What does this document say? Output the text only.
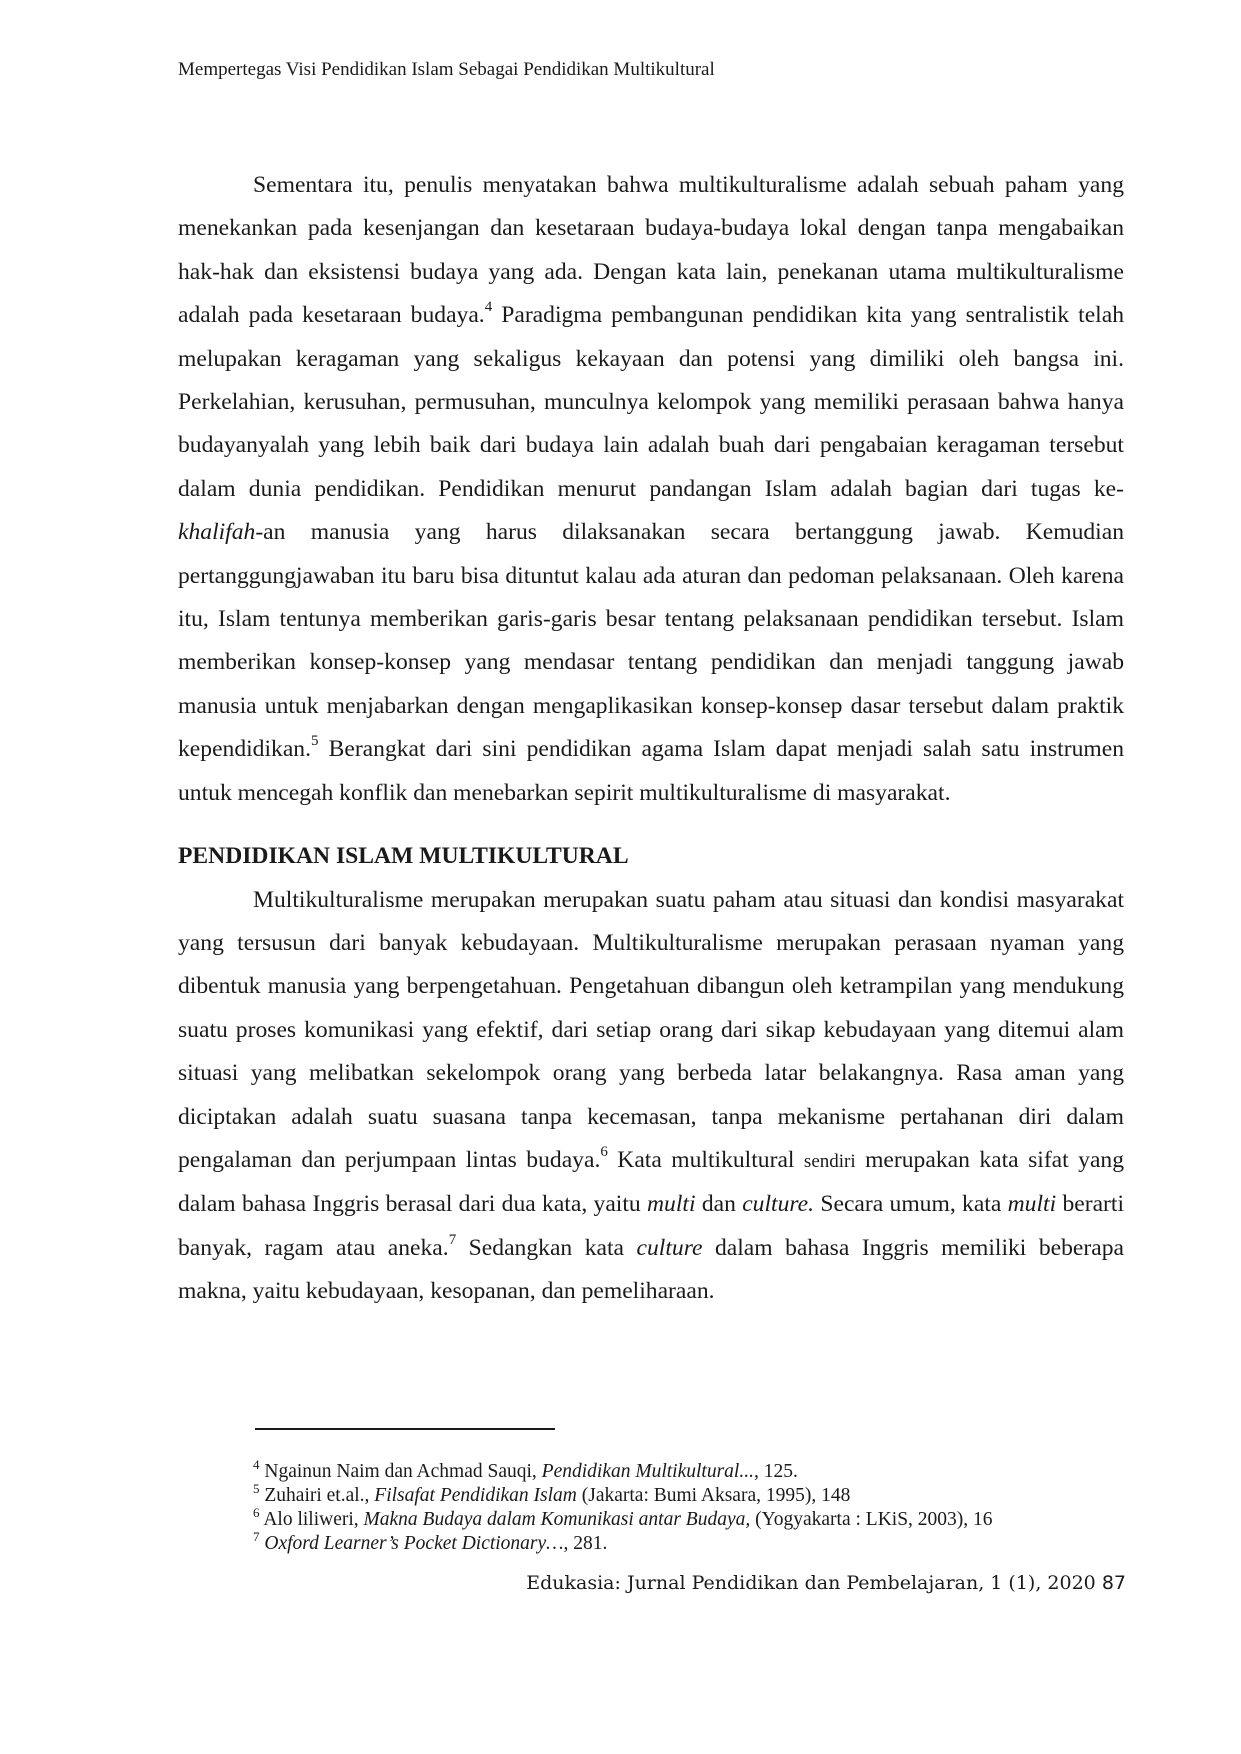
Mempertegas Visi Pendidikan Islam Sebagai Pendidikan Multikultural

Sementara itu, penulis menyatakan bahwa multikulturalisme adalah sebuah paham yang menekankan pada kesenjangan dan kesetaraan budaya-budaya lokal dengan tanpa mengabaikan hak-hak dan eksistensi budaya yang ada. Dengan kata lain, penekanan utama multikulturalisme adalah pada kesetaraan budaya.$^4$ Paradigma pembangunan pendidikan kita yang sentralistik telah melupakan keragaman yang sekaligus kekayaan dan potensi yang dimiliki oleh bangsa ini. Perkelahian, kerusuhan, permusuhan, munculnya kelompok yang memiliki perasaan bahwa hanya budayanyalah yang lebih baik dari budaya lain adalah buah dari pengabaian keragaman tersebut dalam dunia pendidikan. Pendidikan menurut pandangan Islam adalah bagian dari tugas ke-khalifah-an manusia yang harus dilaksanakan secara bertanggung jawab. Kemudian pertanggungjawaban itu baru bisa dituntut kalau ada aturan dan pedoman pelaksanaan. Oleh karena itu, Islam tentunya memberikan garis-garis besar tentang pelaksanaan pendidikan tersebut. Islam memberikan konsep-konsep yang mendasar tentang pendidikan dan menjadi tanggung jawab manusia untuk menjabarkan dengan mengaplikasikan konsep-konsep dasar tersebut dalam praktik kependidikan.$^5$ Berangkat dari sini pendidikan agama Islam dapat menjadi salah satu instrumen untuk mencegah konflik dan menebarkan sepirit multikulturalisme di masyarakat.

PENDIDIKAN ISLAM MULTIKULTURAL

Multikulturalisme merupakan merupakan suatu paham atau situasi dan kondisi masyarakat yang tersusun dari banyak kebudayaan. Multikulturalisme merupakan perasaan nyaman yang dibentuk manusia yang berpengetahuan. Pengetahuan dibangun oleh ketrampilan yang mendukung suatu proses komunikasi yang efektif, dari setiap orang dari sikap kebudayaan yang ditemui alam situasi yang melibatkan sekelompok orang yang berbeda latar belakangnya. Rasa aman yang diciptakan adalah suatu suasana tanpa kecemasan, tanpa mekanisme pertahanan diri dalam pengalaman dan perjumpaan lintas budaya.$^6$ Kata multikultural sendiri merupakan kata sifat yang dalam bahasa Inggris berasal dari dua kata, yaitu multi dan culture. Secara umum, kata multi berarti banyak, ragam atau aneka.$^7$ Sedangkan kata culture dalam bahasa Inggris memiliki beberapa makna, yaitu kebudayaan, kesopanan, dan pemeliharaan.

$^4$ Ngainun Naim dan Achmad Sauqi, Pendidikan Multikultural..., 125.
$^5$ Zuhairi et.al., Filsafat Pendidikan Islam (Jakarta: Bumi Aksara, 1995), 148
$^6$ Alo liliweri, Makna Budaya dalam Komunikasi antar Budaya, (Yogyakarta : LKiS, 2003), 16
$^7$ Oxford Learner’s Pocket Dictionary…, 281.
Edukasia: Jurnal Pendidikan dan Pembelajaran, 1 (1), 2020 87
